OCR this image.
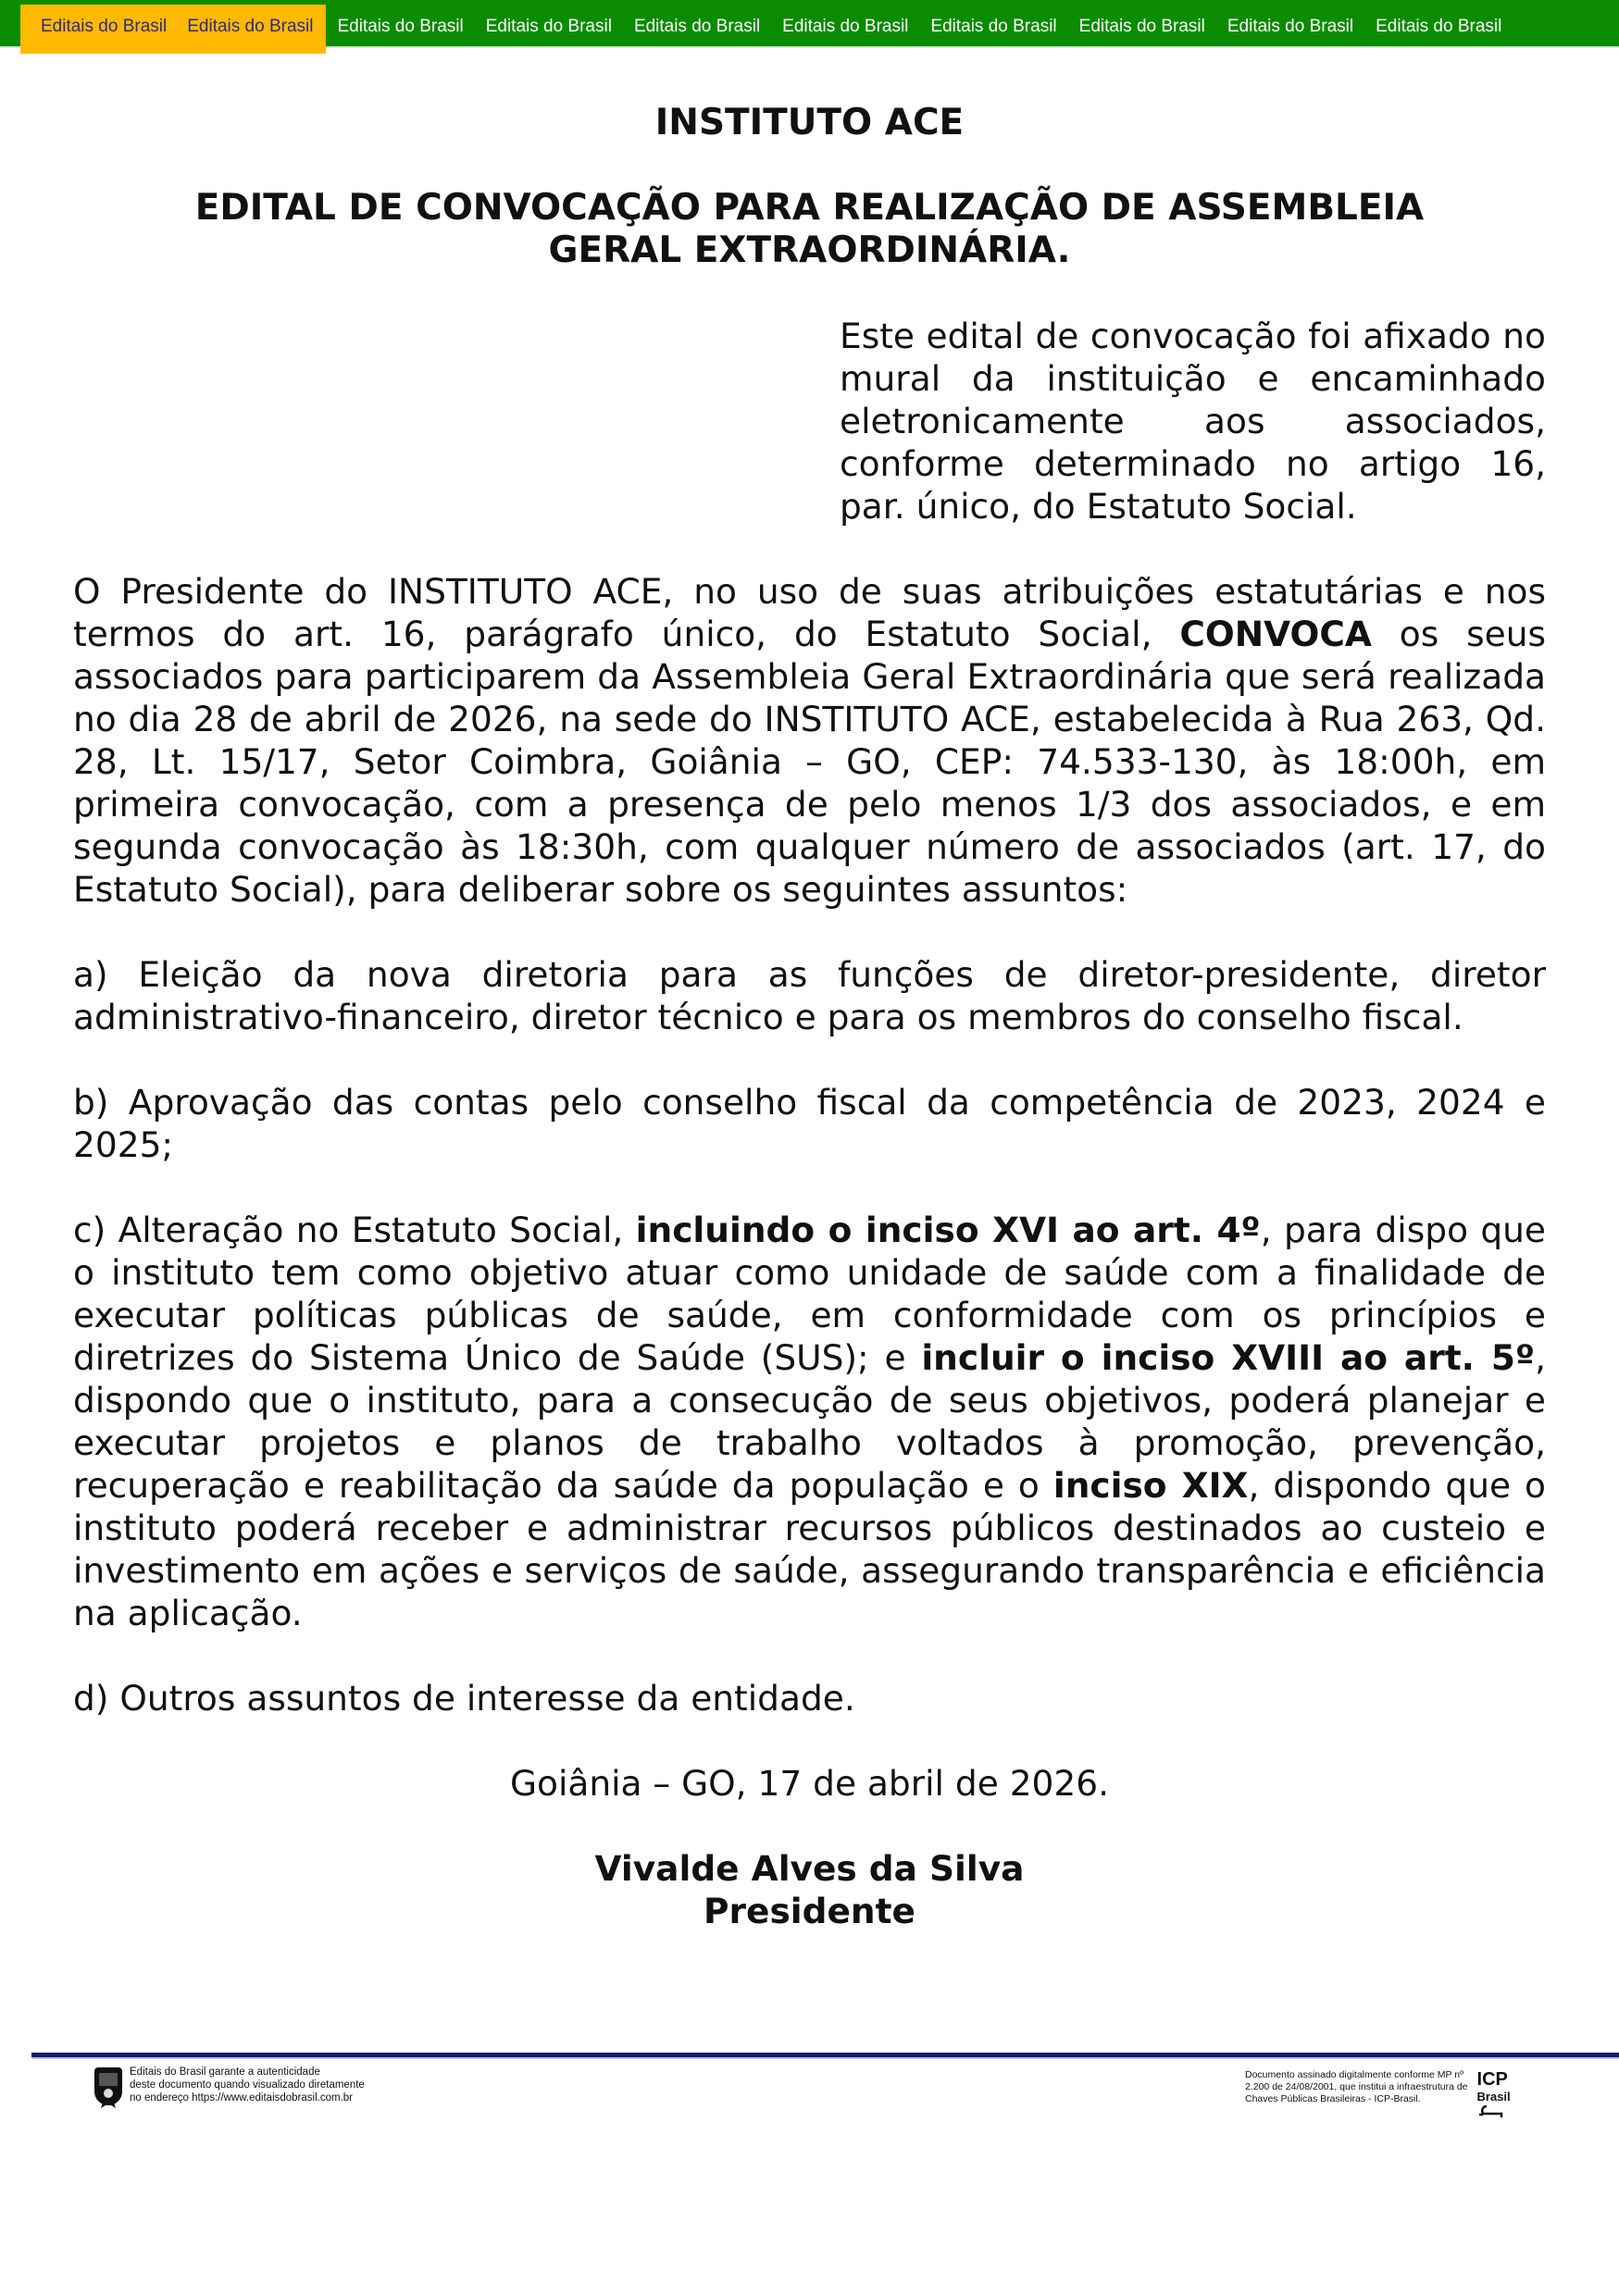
Editais do Brasil Editais do Brasil Editais do Brasil Editais do Brasil Editais do Brasil Editais do Brasil Editais do Brasil Editais do Brasil Editais do Brasil Editais do Brasil
INSTITUTO ACE
EDITAL DE CONVOCAÇÃO PARA REALIZAÇÃO DE ASSEMBLEIA GERAL EXTRAORDINÁRIA.
Este edital de convocação foi afixado no mural da instituição e encaminhado eletronicamente aos associados, conforme determinado no artigo 16, par. único, do Estatuto Social.

O Presidente do INSTITUTO ACE, no uso de suas atribuições estatutárias e nos termos do art. 16, parágrafo único, do Estatuto Social, CONVOCA os seus associados para participarem da Assembleia Geral Extraordinária que será realizada no dia 28 de abril de 2026, na sede do INSTITUTO ACE, estabelecida à Rua 263, Qd. 28, Lt. 15/17, Setor Coimbra, Goiânia – GO, CEP: 74.533-130, às 18:00h, em primeira convocação, com a presença de pelo menos 1/3 dos associados, e em segunda convocação às 18:30h, com qualquer número de associados (art. 17, do Estatuto Social), para deliberar sobre os seguintes assuntos:

a) Eleição da nova diretoria para as funções de diretor-presidente, diretor administrativo-financeiro, diretor técnico e para os membros do conselho fiscal.

b) Aprovação das contas pelo conselho fiscal da competência de 2023, 2024 e 2025;

c) Alteração no Estatuto Social, incluindo o inciso XVI ao art. 4º, para dispo que o instituto tem como objetivo atuar como unidade de saúde com a finalidade de executar políticas públicas de saúde, em conformidade com os princípios e diretrizes do Sistema Único de Saúde (SUS); e incluir o inciso XVIII ao art. 5º, dispondo que o instituto, para a consecução de seus objetivos, poderá planejar e executar projetos e planos de trabalho voltados à promoção, prevenção, recuperação e reabilitação da saúde da população e o inciso XIX, dispondo que o instituto poderá receber e administrar recursos públicos destinados ao custeio e investimento em ações e serviços de saúde, assegurando transparência e eficiência na aplicação.

d) Outros assuntos de interesse da entidade.

Goiânia – GO, 17 de abril de 2026.
Vivalde Alves da Silva
Presidente
Editais do Brasil garante a autenticidade
deste documento quando visualizado diretamente
no endereço https://www.editaisdobrasil.com.br
Documento assinado digitalmente conforme MP nº
2.200 de 24/08/2001, que institui a infraestrutura de
Chaves Públicas Brasileiras - ICP-Brasil.
ICP
Brasil
